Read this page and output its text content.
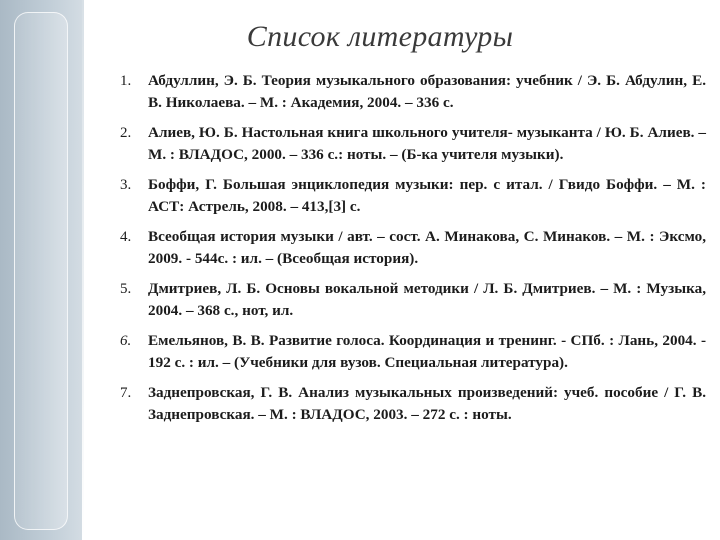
Список литературы
1. Абдуллин, Э. Б. Теория музыкального образования: учебник / Э. Б. Абдулин, Е. В. Николаева. – М. : Академия, 2004. – 336 с.
2. Алиев, Ю. Б. Настольная книга школьного учителя- музыканта / Ю. Б. Алиев. – М. : ВЛАДОС, 2000. – 336 с.: ноты. – (Б-ка учителя музыки).
3. Боффи, Г. Большая энциклопедия музыки: пер. с итал. / Гвидо Боффи. – М. : АСТ: Астрель, 2008. – 413,[3] с.
4. Всеобщая история музыки / авт. – сост. А. Минакова, С. Минаков. – М. : Эксмо, 2009. - 544с. : ил. – (Всеобщая история).
5. Дмитриев, Л. Б. Основы вокальной методики / Л. Б. Дмитриев. – М. : Музыка, 2004. – 368 с., нот, ил.
6. Емельянов, В. В. Развитие голоса. Координация и тренинг. - СПб. : Лань, 2004. - 192 с. : ил. – (Учебники для вузов. Специальная литература).
7. Заднепровская, Г. В. Анализ музыкальных произведений: учеб. пособие / Г. В. Заднепровская. – М. : ВЛАДОС, 2003. – 272 с. : ноты.
